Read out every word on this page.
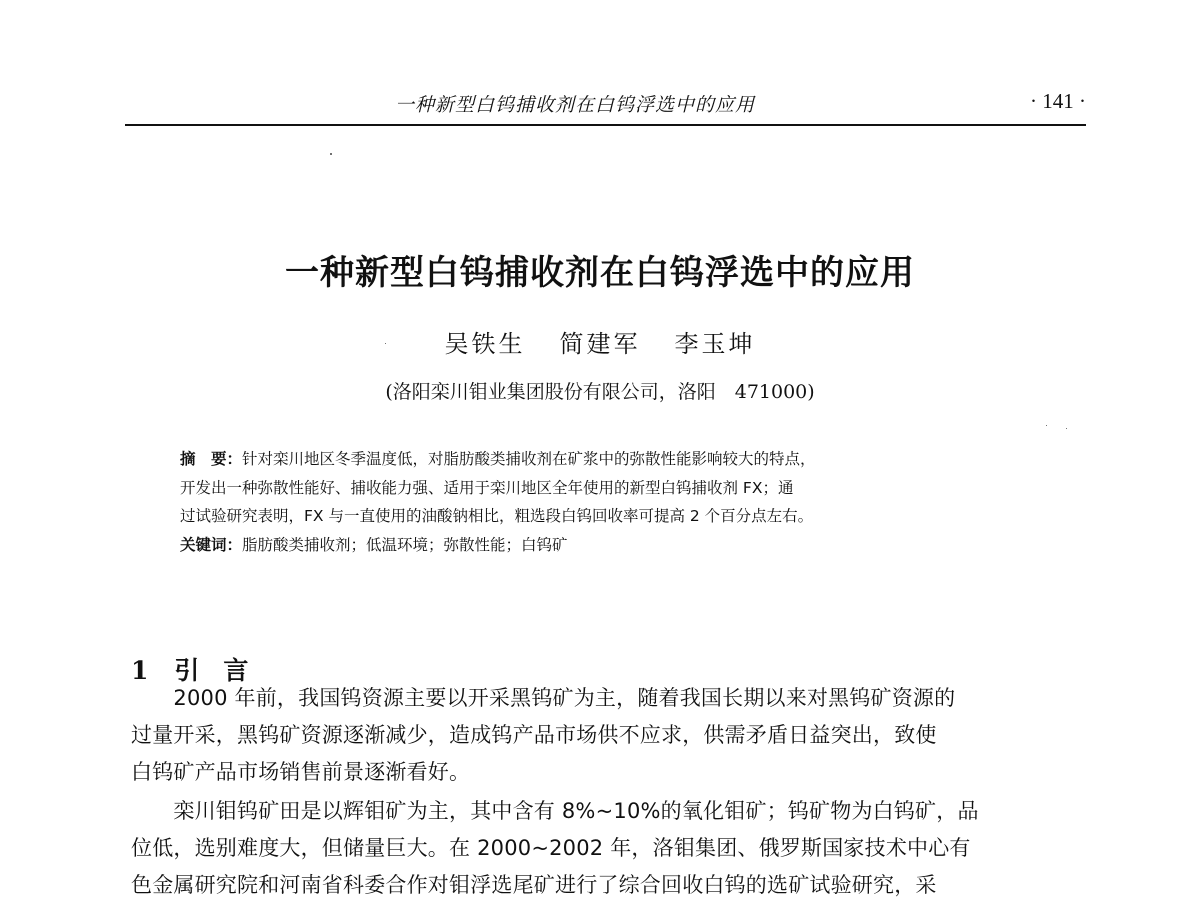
一种新型白钨捕收剂在白钨浮选中的应用	· 141 ·
一种新型白钨捕收剂在白钨浮选中的应用
吴铁生 简建军 李玉坤
(洛阳栾川钼业集团股份有限公司，洛阳　471000)
摘　要：针对栾川地区冬季温度低，对脂肪酸类捕收剂在矿浆中的弥散性能影响较大的特点，
开发出一种弥散性能好、捕收能力强、适用于栾川地区全年使用的新型白钨捕收剂 FX；通
过试验研究表明，FX 与一直使用的油酸钠相比，粗选段白钨回收率可提高 2 个百分点左右。
关键词：脂肪酸类捕收剂；低温环境；弥散性能；白钨矿
1 引言
　　2000 年前，我国钨资源主要以开采黑钨矿为主，随着我国长期以来对黑钨矿资源的
过量开采，黑钨矿资源逐渐减少，造成钨产品市场供不应求，供需矛盾日益突出，致使
白钨矿产品市场销售前景逐渐看好。
　　栾川钼钨矿田是以辉钼矿为主，其中含有 8%~10%的氧化钼矿；钨矿物为白钨矿，品
位低，选别难度大，但储量巨大。在 2000~2002 年，洛钼集团、俄罗斯国家技术中心有
色金属研究院和河南省科委合作对钼浮选尾矿进行了综合回收白钨的选矿试验研究，采
